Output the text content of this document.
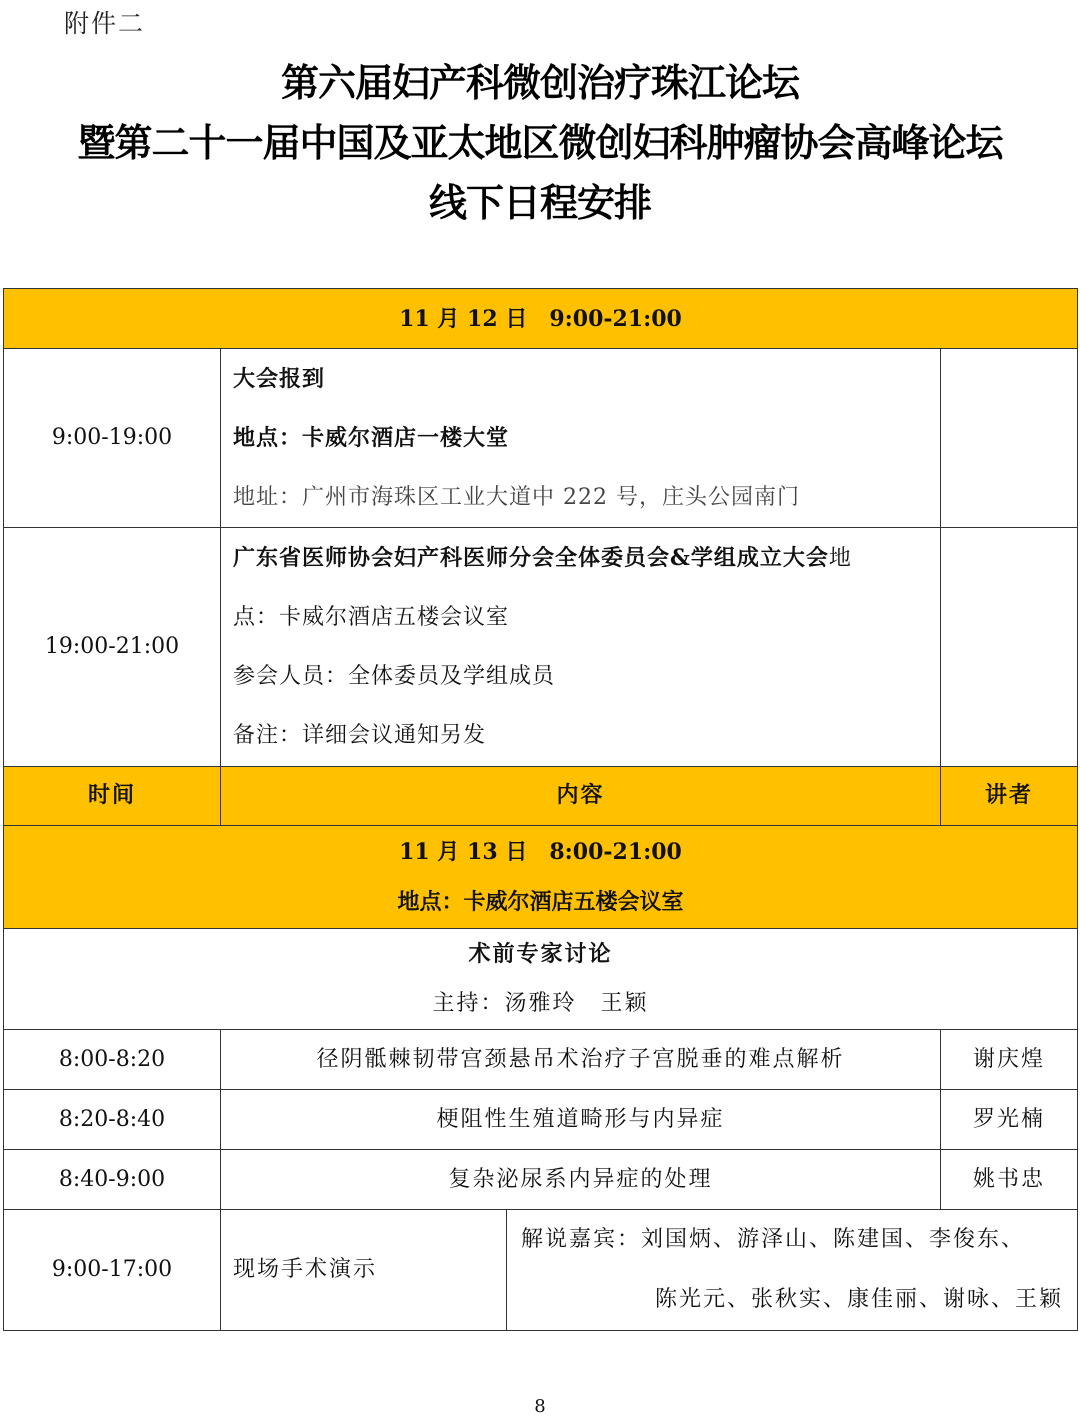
附件二
第六届妇产科微创治疗珠江论坛
暨第二十一届中国及亚太地区微创妇科肿瘤协会高峰论坛
线下日程安排
11 月 12 日　9:00-21:00			

9:00-19:00	大会报到
地点：卡威尔酒店一楼大堂
地址：广州市海珠区工业大道中 222 号，庄头公园南门		

19:00-21:00	广东省医师协会妇产科医师分会全体委员会&学组成立大会地
点：卡威尔酒店五楼会议室
参会人员：全体委员及学组成员
备注：详细会议通知另发		

时间	内容		讲者

11 月 13 日　8:00-21:00
地点：卡威尔酒店五楼会议室			

术前专家讨论
主持：汤雅玲　王颖			

8:00-8:20	径阴骶棘韧带宫颈悬吊术治疗子宫脱垂的难点解析		谢庆煌
8:20-8:40	梗阻性生殖道畸形与内异症		罗光楠
8:40-9:00	复杂泌尿系内异症的处理		姚书忠
9:00-17:00	现场手术演示	解说嘉宾：刘国炳、游泽山、陈建国、李俊东、
陈光元、张秋实、康佳丽、谢咏、王颖	
8
